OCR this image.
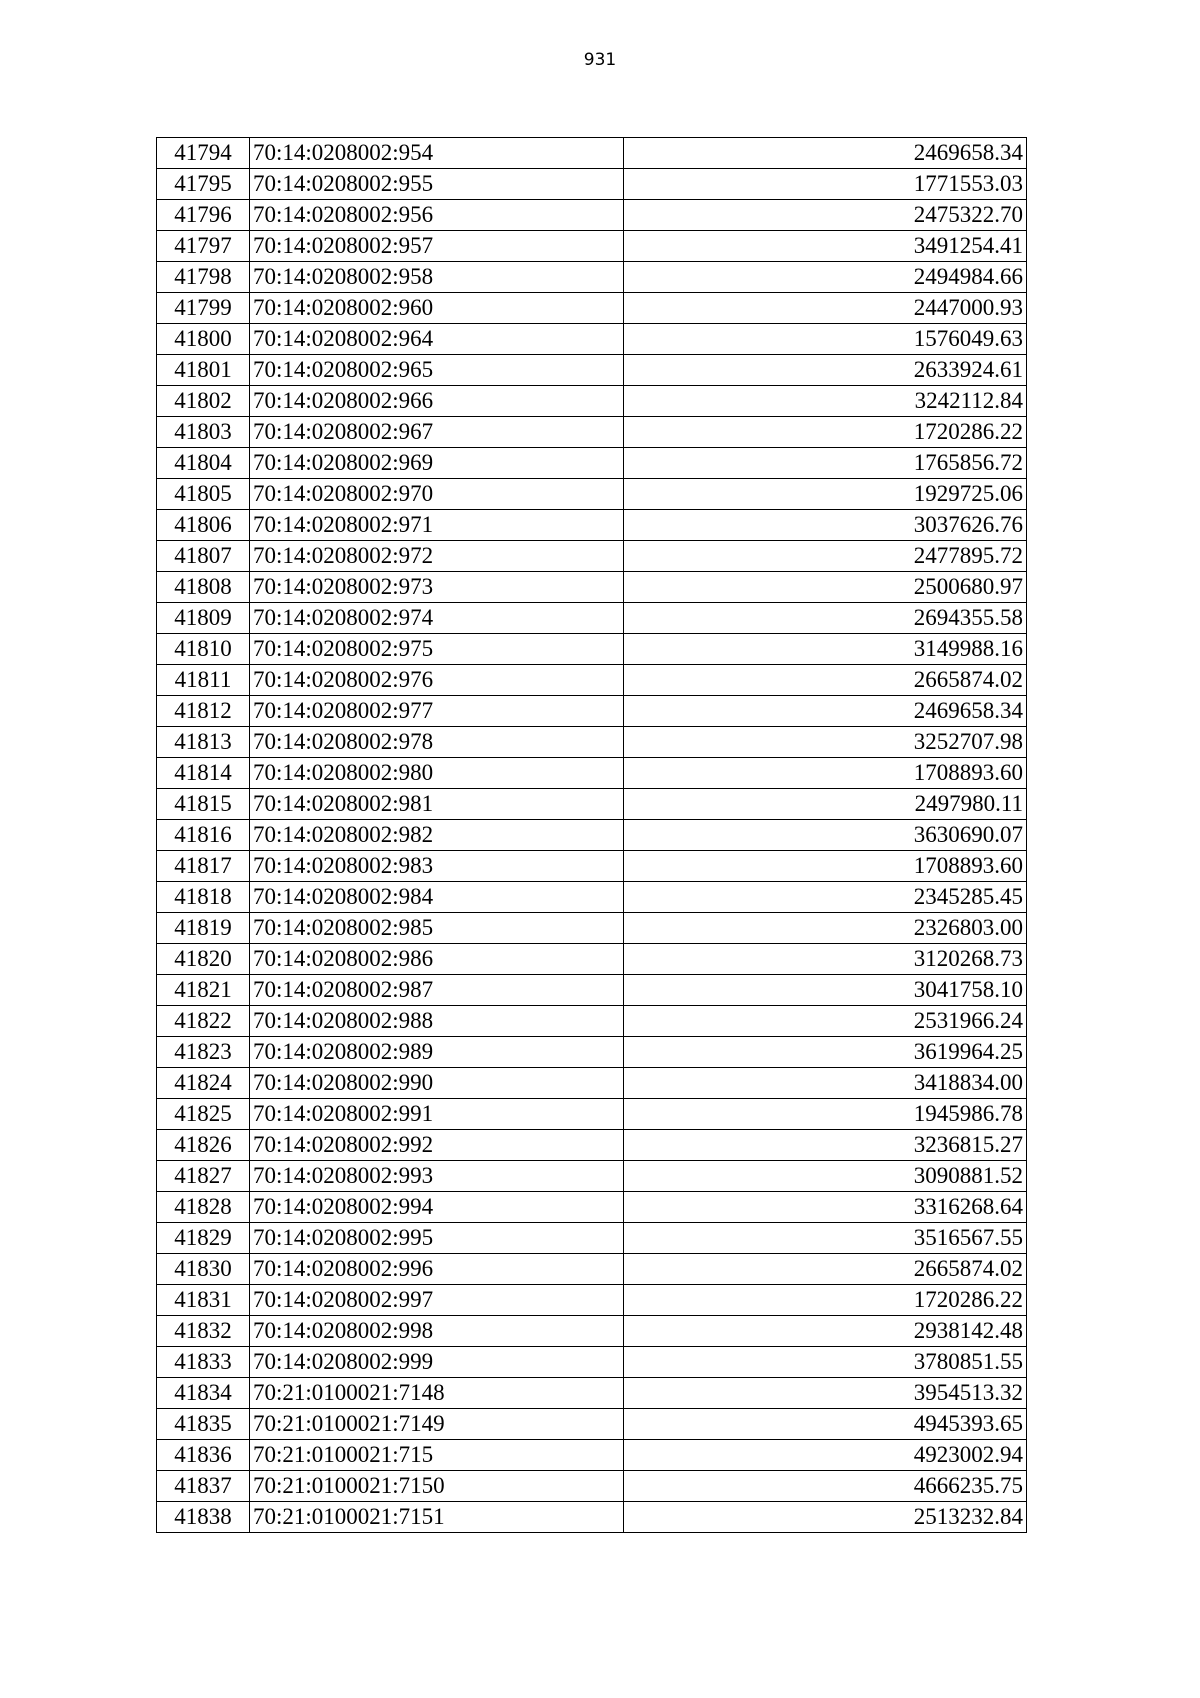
931
41794	70:14:0208002:954	2469658.34
41795	70:14:0208002:955	1771553.03
41796	70:14:0208002:956	2475322.70
41797	70:14:0208002:957	3491254.41
41798	70:14:0208002:958	2494984.66
41799	70:14:0208002:960	2447000.93
41800	70:14:0208002:964	1576049.63
41801	70:14:0208002:965	2633924.61
41802	70:14:0208002:966	3242112.84
41803	70:14:0208002:967	1720286.22
41804	70:14:0208002:969	1765856.72
41805	70:14:0208002:970	1929725.06
41806	70:14:0208002:971	3037626.76
41807	70:14:0208002:972	2477895.72
41808	70:14:0208002:973	2500680.97
41809	70:14:0208002:974	2694355.58
41810	70:14:0208002:975	3149988.16
41811	70:14:0208002:976	2665874.02
41812	70:14:0208002:977	2469658.34
41813	70:14:0208002:978	3252707.98
41814	70:14:0208002:980	1708893.60
41815	70:14:0208002:981	2497980.11
41816	70:14:0208002:982	3630690.07
41817	70:14:0208002:983	1708893.60
41818	70:14:0208002:984	2345285.45
41819	70:14:0208002:985	2326803.00
41820	70:14:0208002:986	3120268.73
41821	70:14:0208002:987	3041758.10
41822	70:14:0208002:988	2531966.24
41823	70:14:0208002:989	3619964.25
41824	70:14:0208002:990	3418834.00
41825	70:14:0208002:991	1945986.78
41826	70:14:0208002:992	3236815.27
41827	70:14:0208002:993	3090881.52
41828	70:14:0208002:994	3316268.64
41829	70:14:0208002:995	3516567.55
41830	70:14:0208002:996	2665874.02
41831	70:14:0208002:997	1720286.22
41832	70:14:0208002:998	2938142.48
41833	70:14:0208002:999	3780851.55
41834	70:21:0100021:7148	3954513.32
41835	70:21:0100021:7149	4945393.65
41836	70:21:0100021:715	4923002.94
41837	70:21:0100021:7150	4666235.75
41838	70:21:0100021:7151	2513232.84
